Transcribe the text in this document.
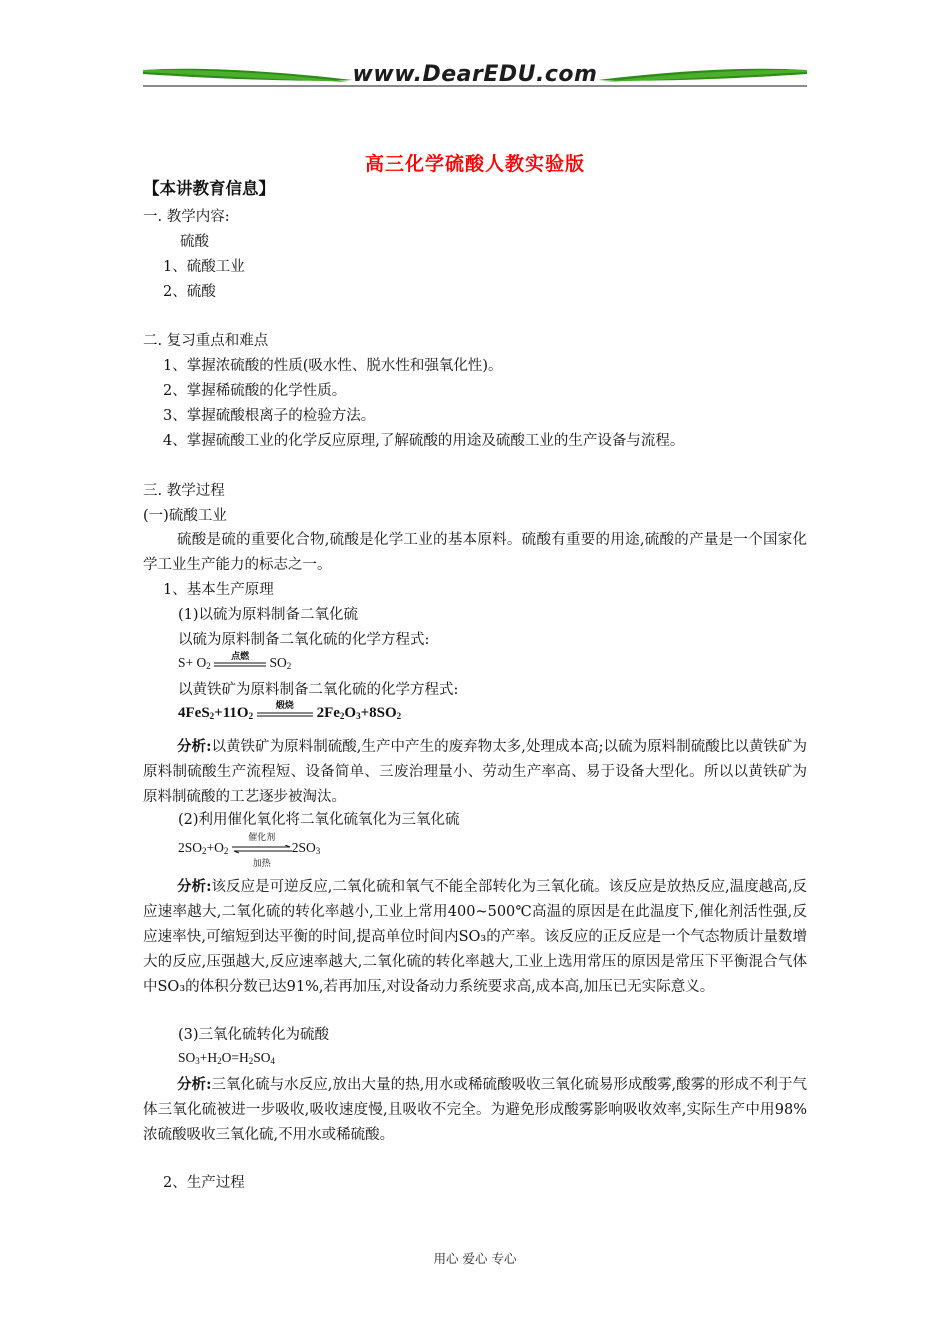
www.DearEDU.com
高三化学硫酸人教实验版
【本讲教育信息】
一. 教学内容:
硫酸
1、硫酸工业
2、硫酸
二. 复习重点和难点
1、掌握浓硫酸的性质(吸水性、脱水性和强氧化性)。
2、掌握稀硫酸的化学性质。
3、掌握硫酸根离子的检验方法。
4、掌握硫酸工业的化学反应原理,了解硫酸的用途及硫酸工业的生产设备与流程。
三. 教学过程
(一)硫酸工业
硫酸是硫的重要化合物,硫酸是化学工业的基本原料。硫酸有重要的用途,硫酸的产量是一个国家化学工业生产能力的标志之一。
1、基本生产原理
(1)以硫为原料制备二氧化硫
以硫为原料制备二氧化硫的化学方程式:
$S+ O_2$
点燃	$SO_2$
以黄铁矿为原料制备二氧化硫的化学方程式:
$4FeS_2+11O_2$
煅烧
$2Fe_2O_3+8SO_2$
分析:以黄铁矿为原料制硫酸,生产中产生的废弃物太多,处理成本高;以硫为原料制硫酸比以黄铁矿为原料制硫酸生产流程短、设备简单、三废治理量小、劳动生产率高、易于设备大型化。所以以黄铁矿为原料制硫酸的工艺逐步被淘汰。
(2)利用催化氧化将二氧化硫氧化为三氧化硫
$2SO_2+O_2$
催化剂
加热
$2SO_3$
分析:该反应是可逆反应,二氧化硫和氧气不能全部转化为三氧化硫。该反应是放热反应,温度越高,反应速率越大,二氧化硫的转化率越小,工业上常用400~500℃高温的原因是在此温度下,催化剂活性强,反应速率快,可缩短到达平衡的时间,提高单位时间内SO₃的产率。该反应的正反应是一个气态物质计量数增大的反应,压强越大,反应速率越大,二氧化硫的转化率越大,工业上选用常压的原因是常压下平衡混合气体中SO₃的体积分数已达91%,若再加压,对设备动力系统要求高,成本高,加压已无实际意义。
(3)三氧化硫转化为硫酸
$SO_3+H_2O=H_2SO_4$
分析:三氧化硫与水反应,放出大量的热,用水或稀硫酸吸收三氧化硫易形成酸雾,酸雾的形成不利于气体三氧化硫被进一步吸收,吸收速度慢,且吸收不完全。为避免形成酸雾影响吸收效率,实际生产中用98%浓硫酸吸收三氧化硫,不用水或稀硫酸。
2、生产过程
用心 爱心 专心
